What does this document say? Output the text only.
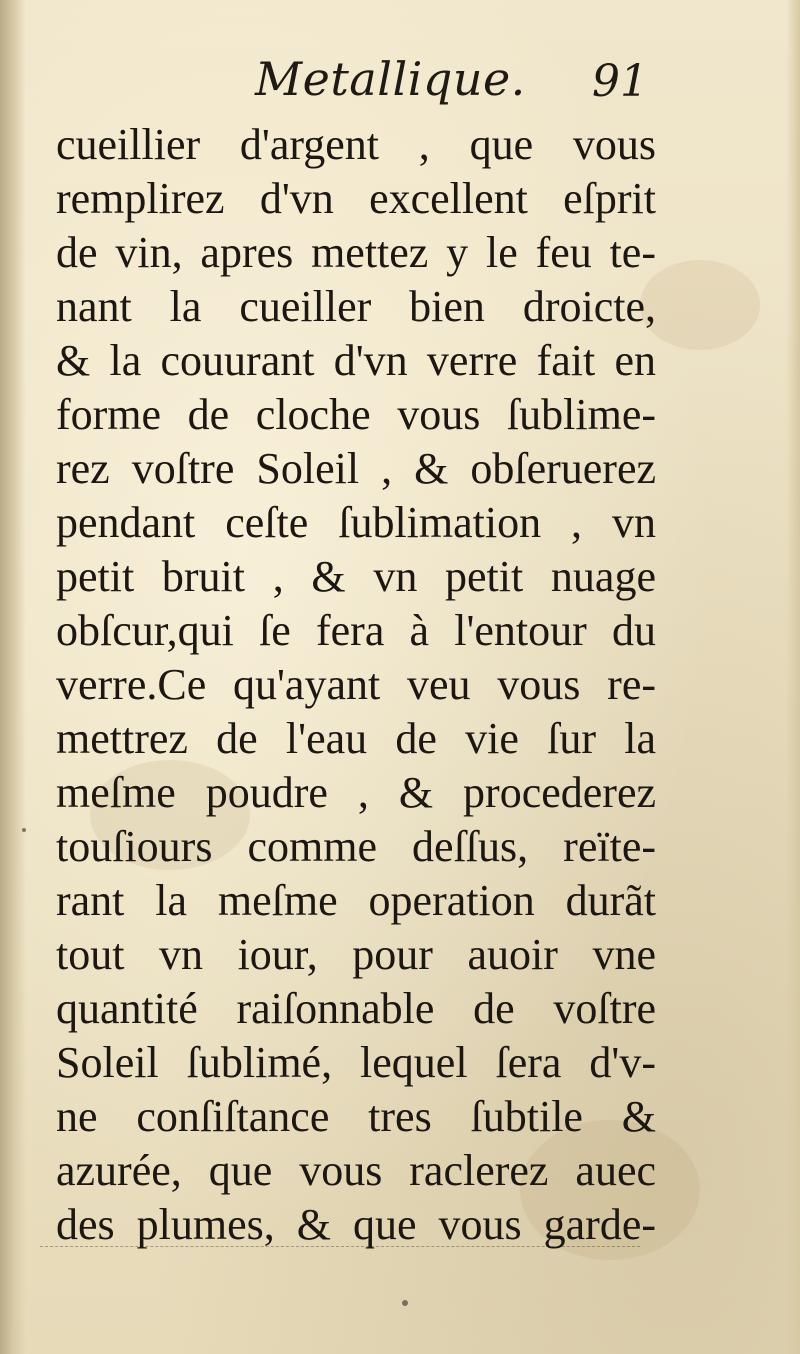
Metallique. 91
cueillier d'argent , que vous
remplirez d'vn excellent eſprit
de vin, apres mettez y le feu te-
nant la cueiller bien droicte,
& la couurant d'vn verre fait en
forme de cloche vous ſublime-
rez voſtre Soleil , & obſeruerez
pendant ceſte ſublimation , vn
petit bruit , & vn petit nuage
obſcur,qui ſe fera à l'entour du
verre.Ce qu'ayant veu vous re-
mettrez de l'eau de vie ſur la
meſme poudre , & procederez
touſiours comme deſſus, reïte-
rant la meſme operation durãt
tout vn iour, pour auoir vne
quantité raiſonnable de voſtre
Soleil ſublimé, lequel ſera d'v-
ne conſiſtance tres ſubtile &
azurée, que vous raclerez auec
des plumes, & que vous garde-
